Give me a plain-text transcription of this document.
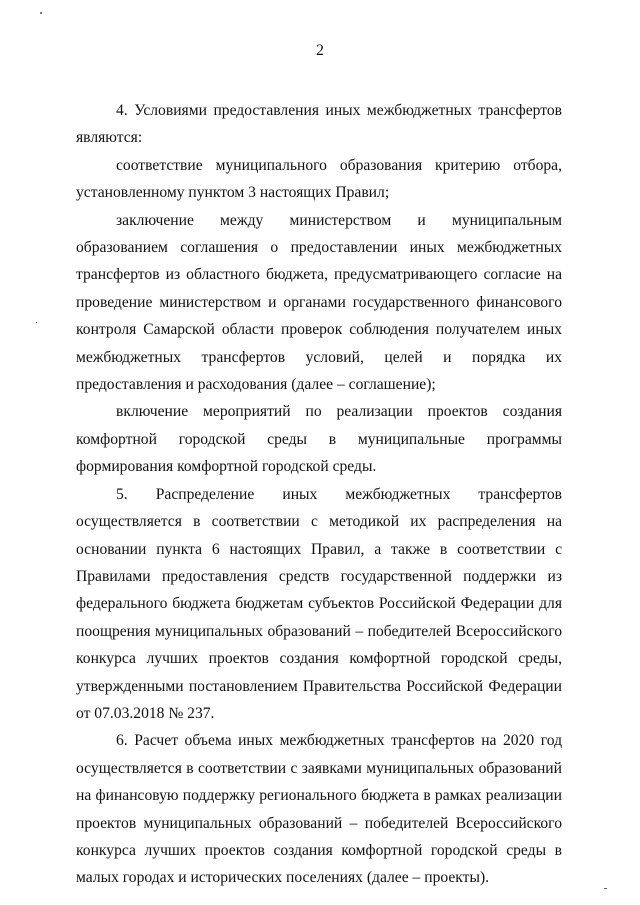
2

4. Условиями предоставления иных межбюджетных трансфертов являются:

соответствие муниципального образования критерию отбора, установленному пунктом 3 настоящих Правил;

заключение между министерством и муниципальным образованием соглашения о предоставлении иных межбюджетных трансфертов из областного бюджета, предусматривающего согласие на проведение министерством и органами государственного финансового контроля Самарской области проверок соблюдения получателем иных межбюджетных трансфертов условий, целей и порядка их предоставления и расходования (далее – соглашение);

включение мероприятий по реализации проектов создания комфортной городской среды в муниципальные программы формирования комфортной городской среды.

5. Распределение иных межбюджетных трансфертов осуществляется в соответствии с методикой их распределения на основании пункта 6 настоящих Правил, а также в соответствии с Правилами предоставления средств государственной поддержки из федерального бюджета бюджетам субъектов Российской Федерации для поощрения муниципальных образований – победителей Всероссийского конкурса лучших проектов создания комфортной городской среды, утвержденными постановлением Правительства Российской Федерации от 07.03.2018 № 237.

6. Расчет объема иных межбюджетных трансфертов на 2020 год осуществляется в соответствии с заявками муниципальных образований на финансовую поддержку регионального бюджета в рамках реализации проектов муниципальных образований – победителей Всероссийского конкурса лучших проектов создания комфортной городской среды в малых городах и исторических поселениях (далее – проекты).
